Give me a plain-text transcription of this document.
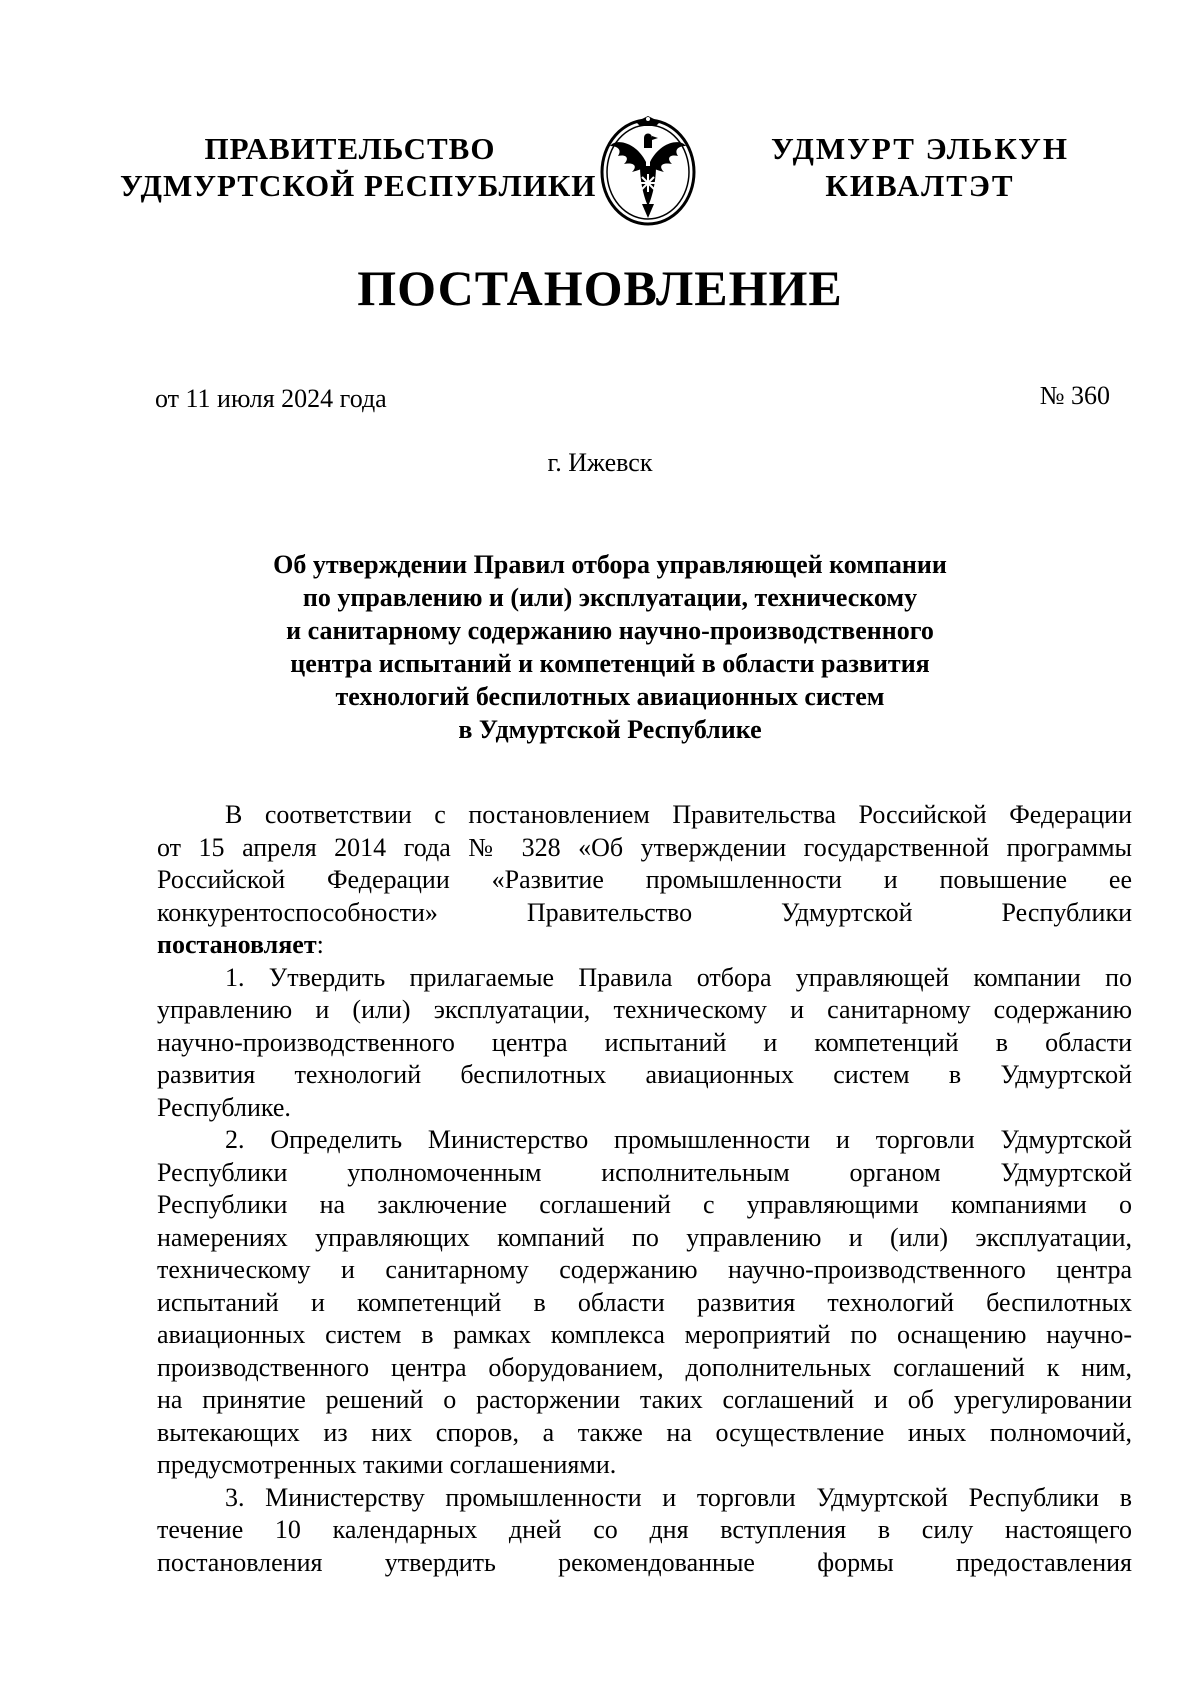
ПРАВИТЕЛЬСТВО
УДМУРТСКОЙ РЕСПУБЛИКИ
УДМУРТ ЭЛЬКУН
КИВАЛТЭТ
ПОСТАНОВЛЕНИЕ
от 11 июля 2024 года	№ 360
г. Ижевск
Об утверждении Правил отбора управляющей компании
по управлению и (или) эксплуатации, техническому
и санитарному содержанию научно-производственного
центра испытаний и компетенций в области развития
технологий беспилотных авиационных систем
в Удмуртской Республике
В соответствии с постановлением Правительства Российской Федерации
от 15 апреля 2014 года № 328 «Об утверждении государственной программы
Российской Федерации «Развитие промышленности и повышение ее
конкурентоспособности» Правительство Удмуртской Республики
постановляет:
1. Утвердить прилагаемые Правила отбора управляющей компании по
управлению и (или) эксплуатации, техническому и санитарному содержанию
научно-производственного центра испытаний и компетенций в области
развития технологий беспилотных авиационных систем в Удмуртской
Республике.
2. Определить Министерство промышленности и торговли Удмуртской
Республики уполномоченным исполнительным органом Удмуртской
Республики на заключение соглашений с управляющими компаниями о
намерениях управляющих компаний по управлению и (или) эксплуатации,
техническому и санитарному содержанию научно-производственного центра
испытаний и компетенций в области развития технологий беспилотных
авиационных систем в рамках комплекса мероприятий по оснащению научно-
производственного центра оборудованием, дополнительных соглашений к ним,
на принятие решений о расторжении таких соглашений и об урегулировании
вытекающих из них споров, а также на осуществление иных полномочий,
предусмотренных такими соглашениями.
3. Министерству промышленности и торговли Удмуртской Республики в
течение 10 календарных дней со дня вступления в силу настоящего
постановления утвердить рекомендованные формы предоставления
